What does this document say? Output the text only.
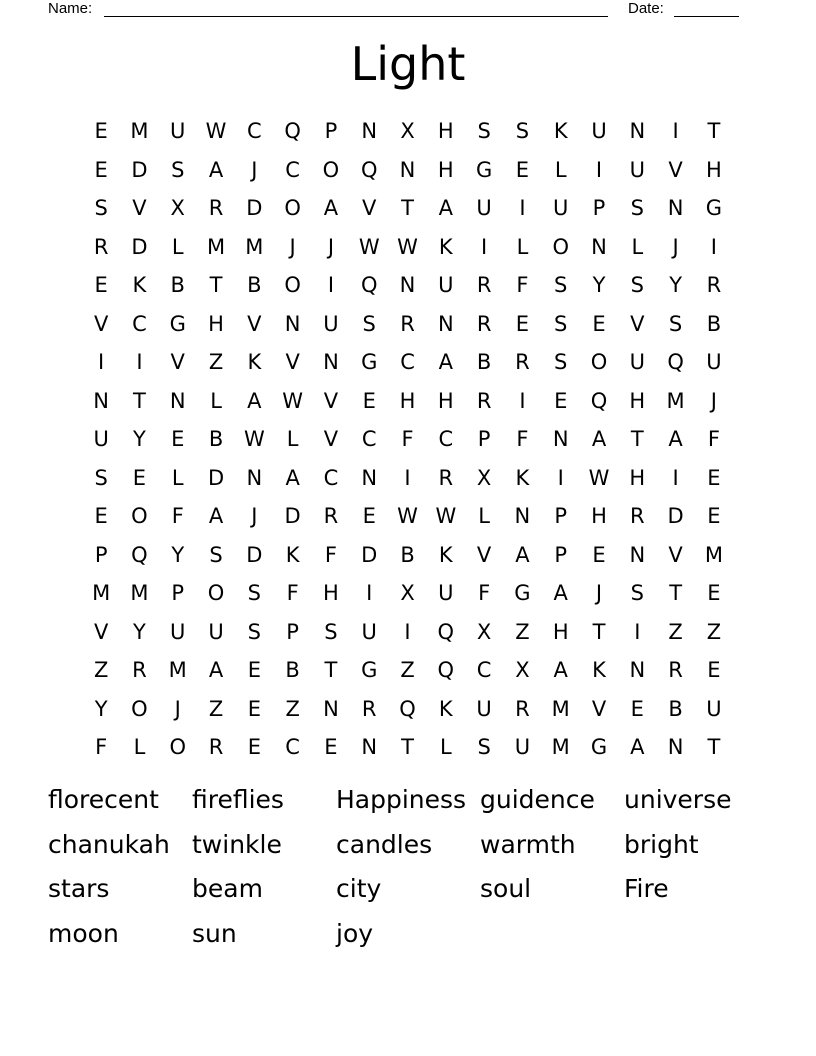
Name:	Date:
Light
E	M	U W C	Q	P	N	X	H	S	S	K	U	N	I	T
E	D	S	A	J	C	O	Q	N	H	G	E	L	I	U	V	H
S	V	X	R	D	O	A	V	T	A	U	I	U	P	S	N	G
R	D	L	M M	J	J	W W	K	I	L	O	N	L	J	I
E	K	B	T	B	O	I	Q	N	U	R	F	S	Y	S	Y	R
V	C	G	H	V	N	U	S	R	N	R	E	S	E	V	S	B
I	I	V	Z	K	V	N	G	C	A	B	R	S	O	U	Q	U
N	T	N	L	A W V	E	H	H	R	I	E	Q	H	M	J
U	Y	E	B W	L	V	C	F	C	P	F	N	A	T	A	F
S	E	L	D	N	A	C	N	I	R	X	K	I	W H	I	E
E	O	F	A	J	D	R	E	W W	L	N	P	H	R	D	E
P	Q	Y	S	D	K	F	D	B	K	V	A	P	E	N	V	M
M M	P	O	S	F	H	I	X	U	F	G	A	J	S	T	E
V	Y	U	U	S	P	S	U	I	Q	X	Z	H	T	I	Z	Z
Z	R	M	A	E	B	T	G	Z	Q	C	X	A	K	N	R	E
Y	O	J	Z	E	Z	N	R	Q	K	U	R	M	V	E	B	U
F	L	O	R	E	C	E	N	T	L	S	U	M	G	A	N	T
florecent	fireflies	Happiness guidence	universe
chanukah twinkle	candles	warmth	bright
stars	beam	city	soul	Fire
moon	sun	joy
